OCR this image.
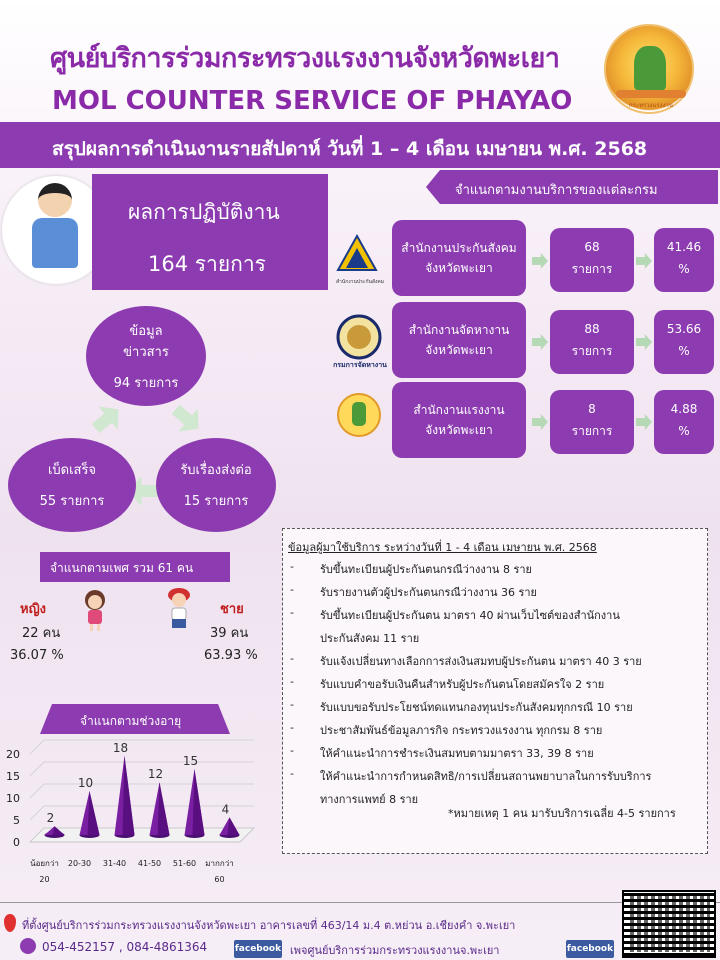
ศูนย์บริการร่วมกระทรวงแรงงานจังหวัดพะเยา
MOL COUNTER SERVICE OF PHAYAO	กระทรวงแรงงาน
สรุปผลการดำเนินงานรายสัปดาห์ วันที่ 1 – 4 เดือน เมษายน พ.ศ. 2568
ผลการปฏิบัติงาน
164 รายการ
จำแนกตามงานบริการของแต่ละกรม
สำนักงานประกันสังคม
สำนักงานประกันสังคม
จังหวัดพะเยา
68
รายการ
41.46
%
กรมการจัดหางาน
สำนักงานจัดหางาน
จังหวัดพะเยา
88
รายการ
53.66
%
สำนักงานแรงงาน
จังหวัดพะเยา
8
รายการ
4.88
%
ข้อมูล
ข่าวสาร
94 รายการ
รับเรื่องส่งต่อ
15 รายการ
เบ็ดเสร็จ
55 รายการ
จำแนกตามเพศ รวม 61 คน
หญิง
22 คน
36.07 %
ชาย
39 คน
63.93 %
จำแนกตามช่วงอายุ
0
5
10
15
20
2
น้อยกว่า
20
10
20-30
18
31-40
12
41-50
15
51-60
4
มากกว่า
60
ข้อมูลผู้มาใช้บริการ ระหว่างวันที่ 1 - 4 เดือน เมษายน พ.ศ. 2568
- รับขึ้นทะเบียนผู้ประกันตนกรณีว่างงาน 8 ราย
- รับรายงานตัวผู้ประกันตนกรณีว่างงาน 36 ราย
- รับขึ้นทะเบียนผู้ประกันตน มาตรา 40 ผ่านเว็บไซต์ของสำนักงาน
ประกันสังคม 11 ราย
- รับแจ้งเปลี่ยนทางเลือกการส่งเงินสมทบผู้ประกันตน มาตรา 40 3 ราย
- รับแบบคำขอรับเงินคืนสำหรับผู้ประกันตนโดยสมัครใจ 2 ราย
- รับแบบขอรับประโยชน์ทดแทนกองทุนประกันสังคมทุกกรณี 10 ราย
- ประชาสัมพันธ์ข้อมูลภารกิจ กระทรวงแรงงาน ทุกกรม 8 ราย
- ให้คำแนะนำการชำระเงินสมทบตามมาตรา 33, 39 8 ราย
- ให้คำแนะนำการกำหนดสิทธิ/การเปลี่ยนสถานพยาบาลในการรับบริการ
ทางการแพทย์ 8 ราย
*หมายเหตุ 1 คน มารับบริการเฉลี่ย 4-5 รายการ
ที่ตั้งศูนย์บริการร่วมกระทรวงแรงงานจังหวัดพะเยา อาคารเลขที่ 463/14 ม.4 ต.หย่วน อ.เชียงคำ จ.พะเยา
054-452157 , 084-4861364	facebook เพจศูนย์บริการร่วมกระทรวงแรงงานจ.พะเยา	facebook
